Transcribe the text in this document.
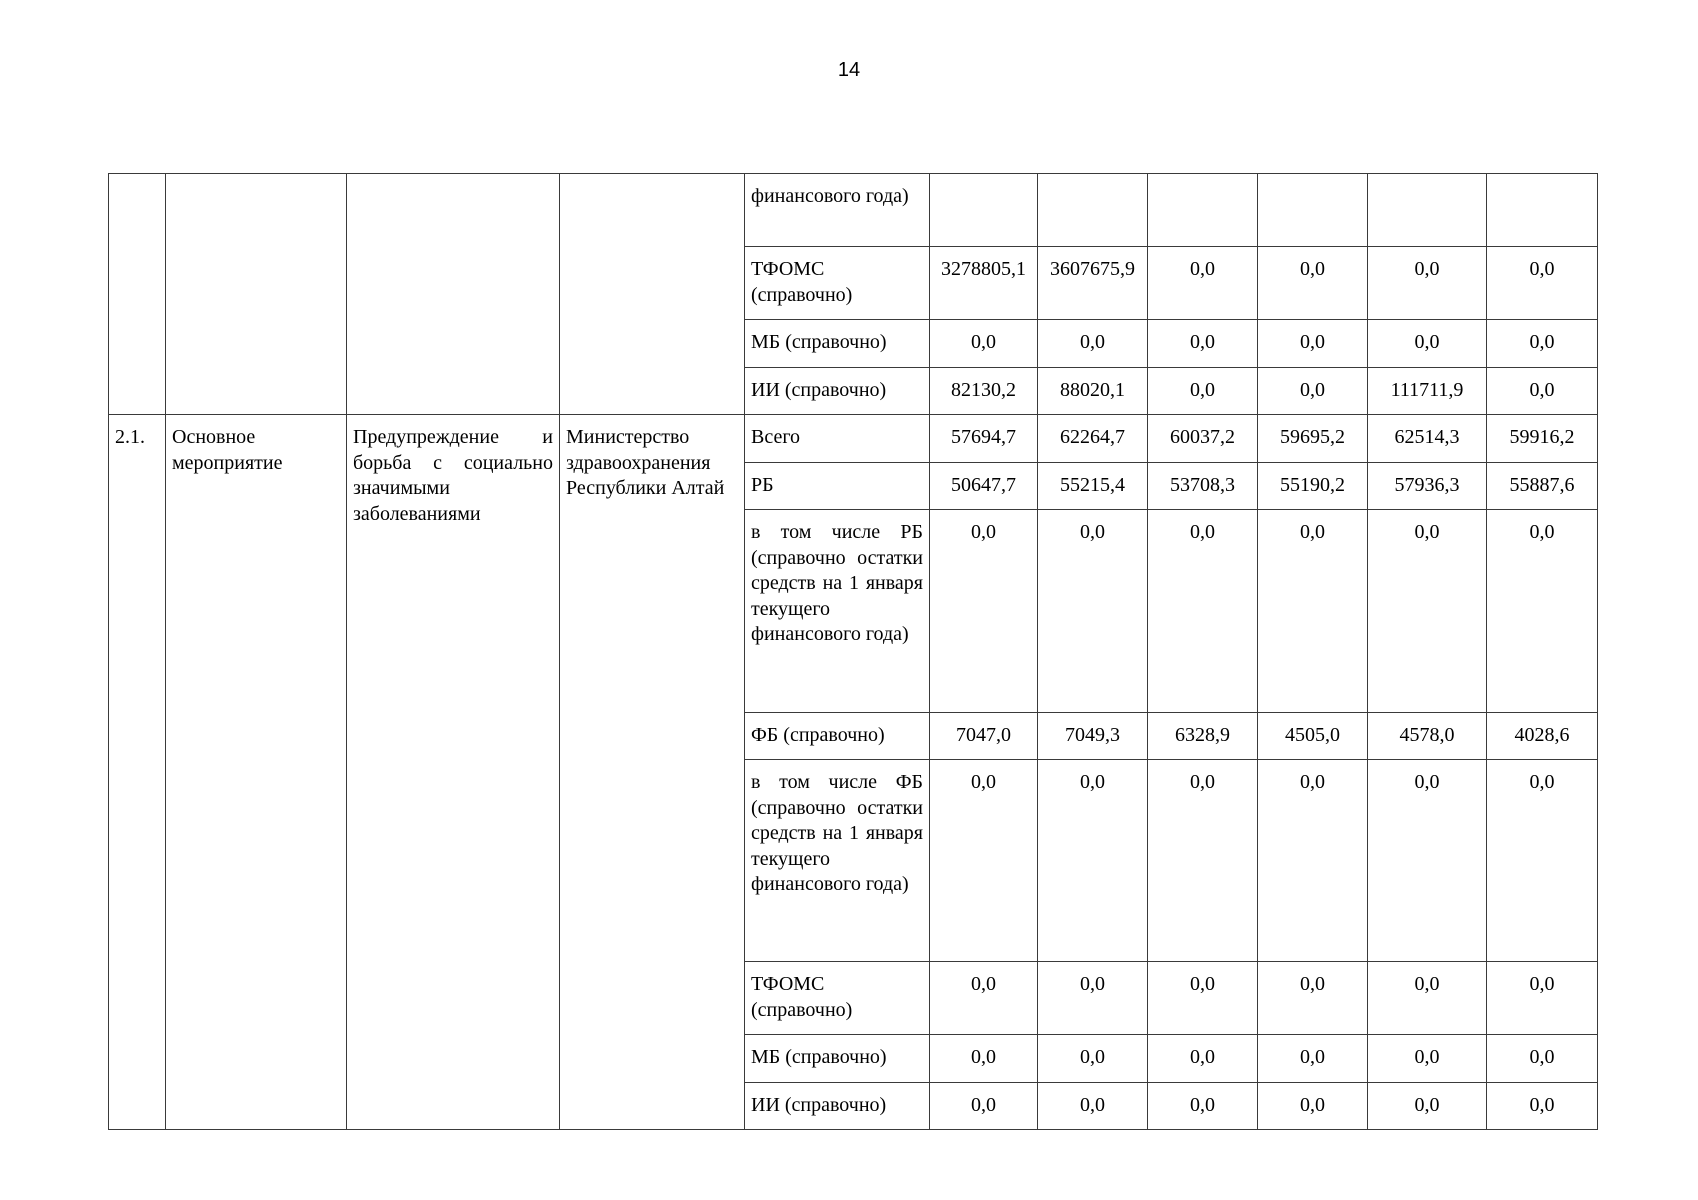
14
				финансового года)						
				ТФОМС (справочно)	3278805,1	3607675,9	0,0	0,0	0,0	0,0
				МБ (справочно)	0,0	0,0	0,0	0,0	0,0	0,0
				ИИ (справочно)	82130,2	88020,1	0,0	0,0	111711,9	0,0
2.1.	Основное мероприятие	Предупреждение и борьба с социально значимыми заболеваниями	Министерство здравоохранения Республики Алтай	Всего	57694,7	62264,7	60037,2	59695,2	62514,3	59916,2
				РБ	50647,7	55215,4	53708,3	55190,2	57936,3	55887,6
				в том числе РБ (справочно остатки средств на 1 января текущего финансового года)	0,0	0,0	0,0	0,0	0,0	0,0
				ФБ (справочно)	7047,0	7049,3	6328,9	4505,0	4578,0	4028,6
				в том числе ФБ (справочно остатки средств на 1 января текущего финансового года)	0,0	0,0	0,0	0,0	0,0	0,0
				ТФОМС (справочно)	0,0	0,0	0,0	0,0	0,0	0,0
				МБ (справочно)	0,0	0,0	0,0	0,0	0,0	0,0
				ИИ (справочно)	0,0	0,0	0,0	0,0	0,0	0,0
